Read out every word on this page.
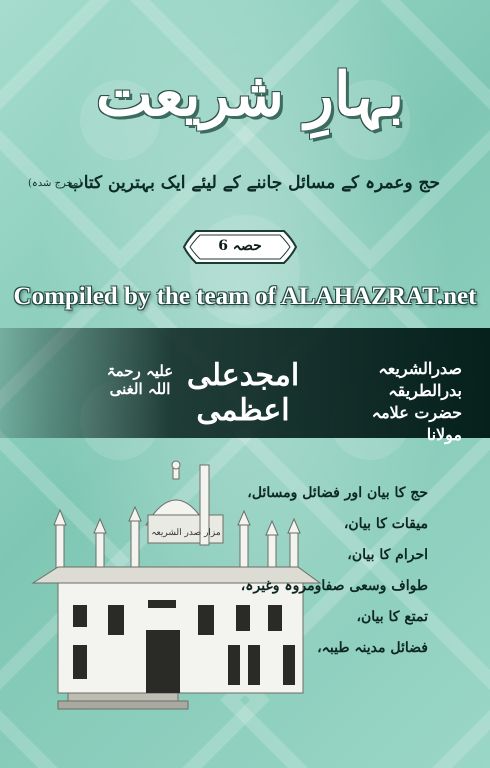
بہارِ شریعت
حج وعمرہ کے مسائل جاننے کے لیئے ایک بہترین کتاب
(مخرج شدہ)
حصہ 6
Compiled by the team of ALAHAZRAT.net
صدرالشریعہ بدرالطریقہ
حضرت علامہ مولانا
امجدعلی اعظمی
علیہ رحمۃ اللہ الغنی
مزار صدر الشریعہ
حج کا بیان اور فضائل ومسائل،
میقات کا بیان،
احرام کا بیان،
طواف وسعی صفاومروہ وغیرہ،
تمتع کا بیان،
فضائل مدینہ طیبہ،
